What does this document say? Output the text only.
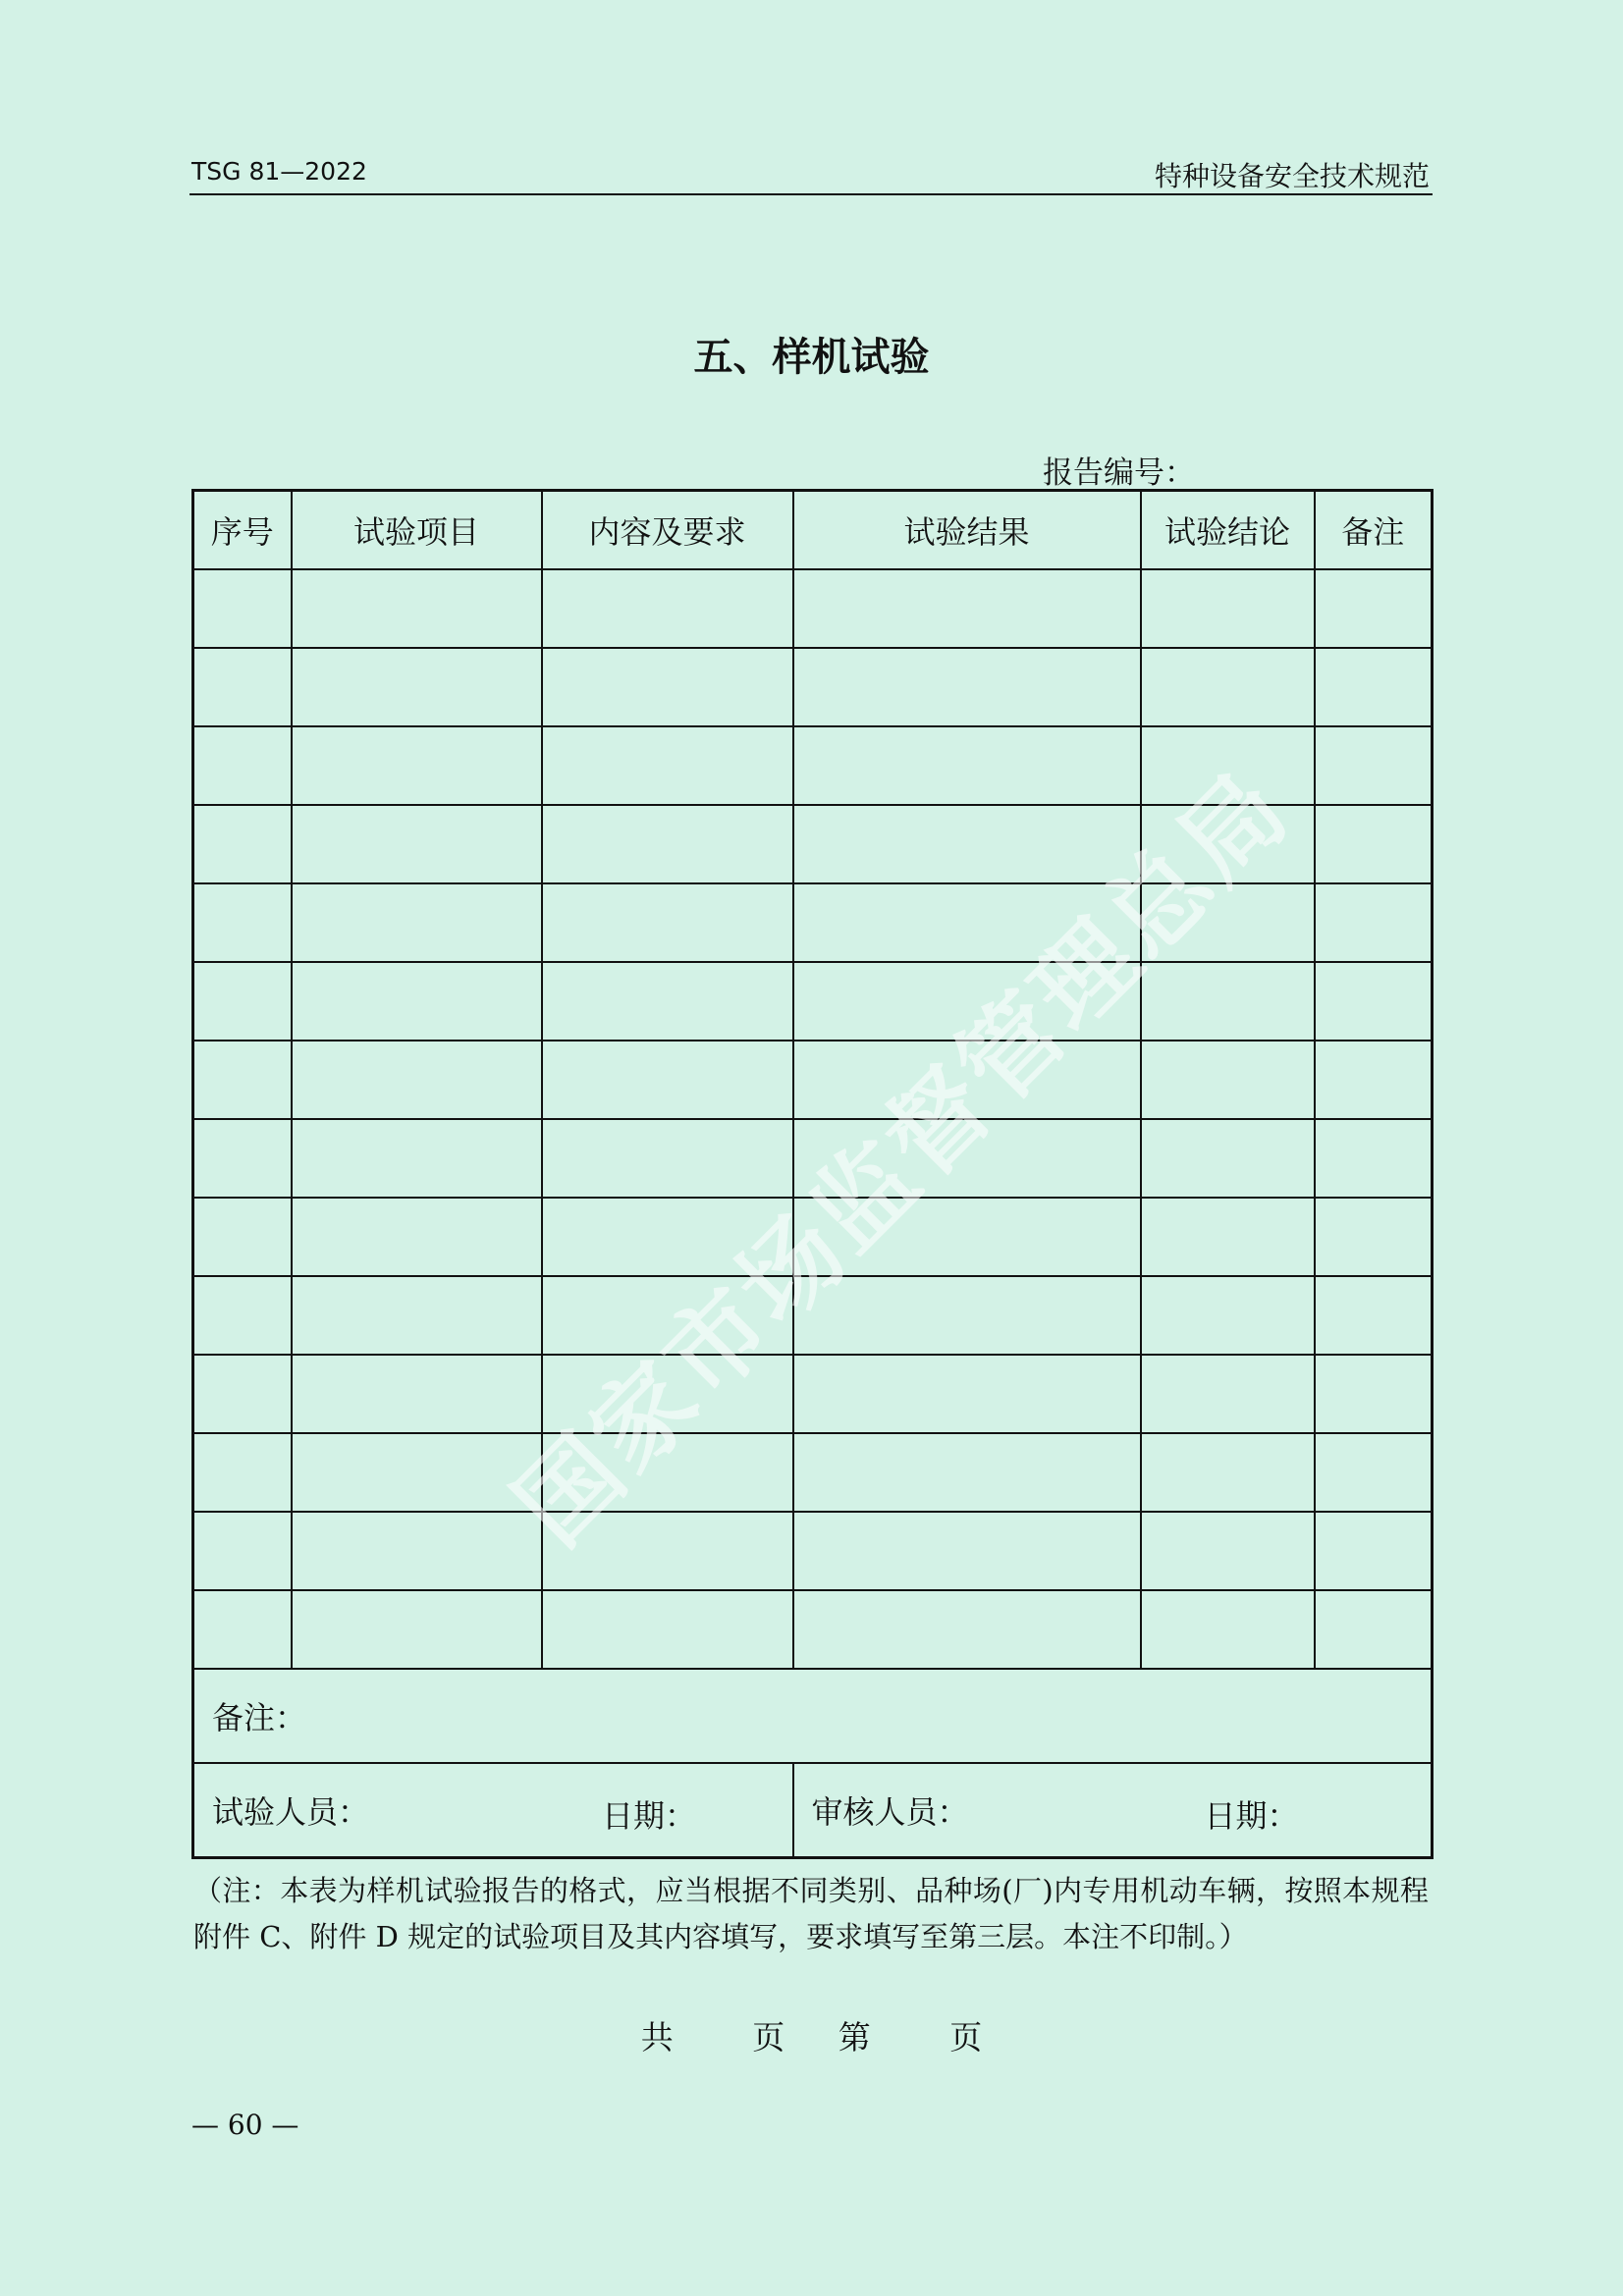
TSG 81—2022	特种设备安全技术规范
五、样机试验
报告编号：
序号	试验项目	内容及要求	试验结果	试验结论	备注

备注：					
试验人员： 日期：			审核人员： 日期：		
（注：本表为样机试验报告的格式，应当根据不同类别、品种场(厂)内专用机动车辆，按照本规程附件 C、附件 D 规定的试验项目及其内容填写，要求填写至第三层。本注不印制。）
共 页 第 页
— 60 —
国家市场监督管理总局
